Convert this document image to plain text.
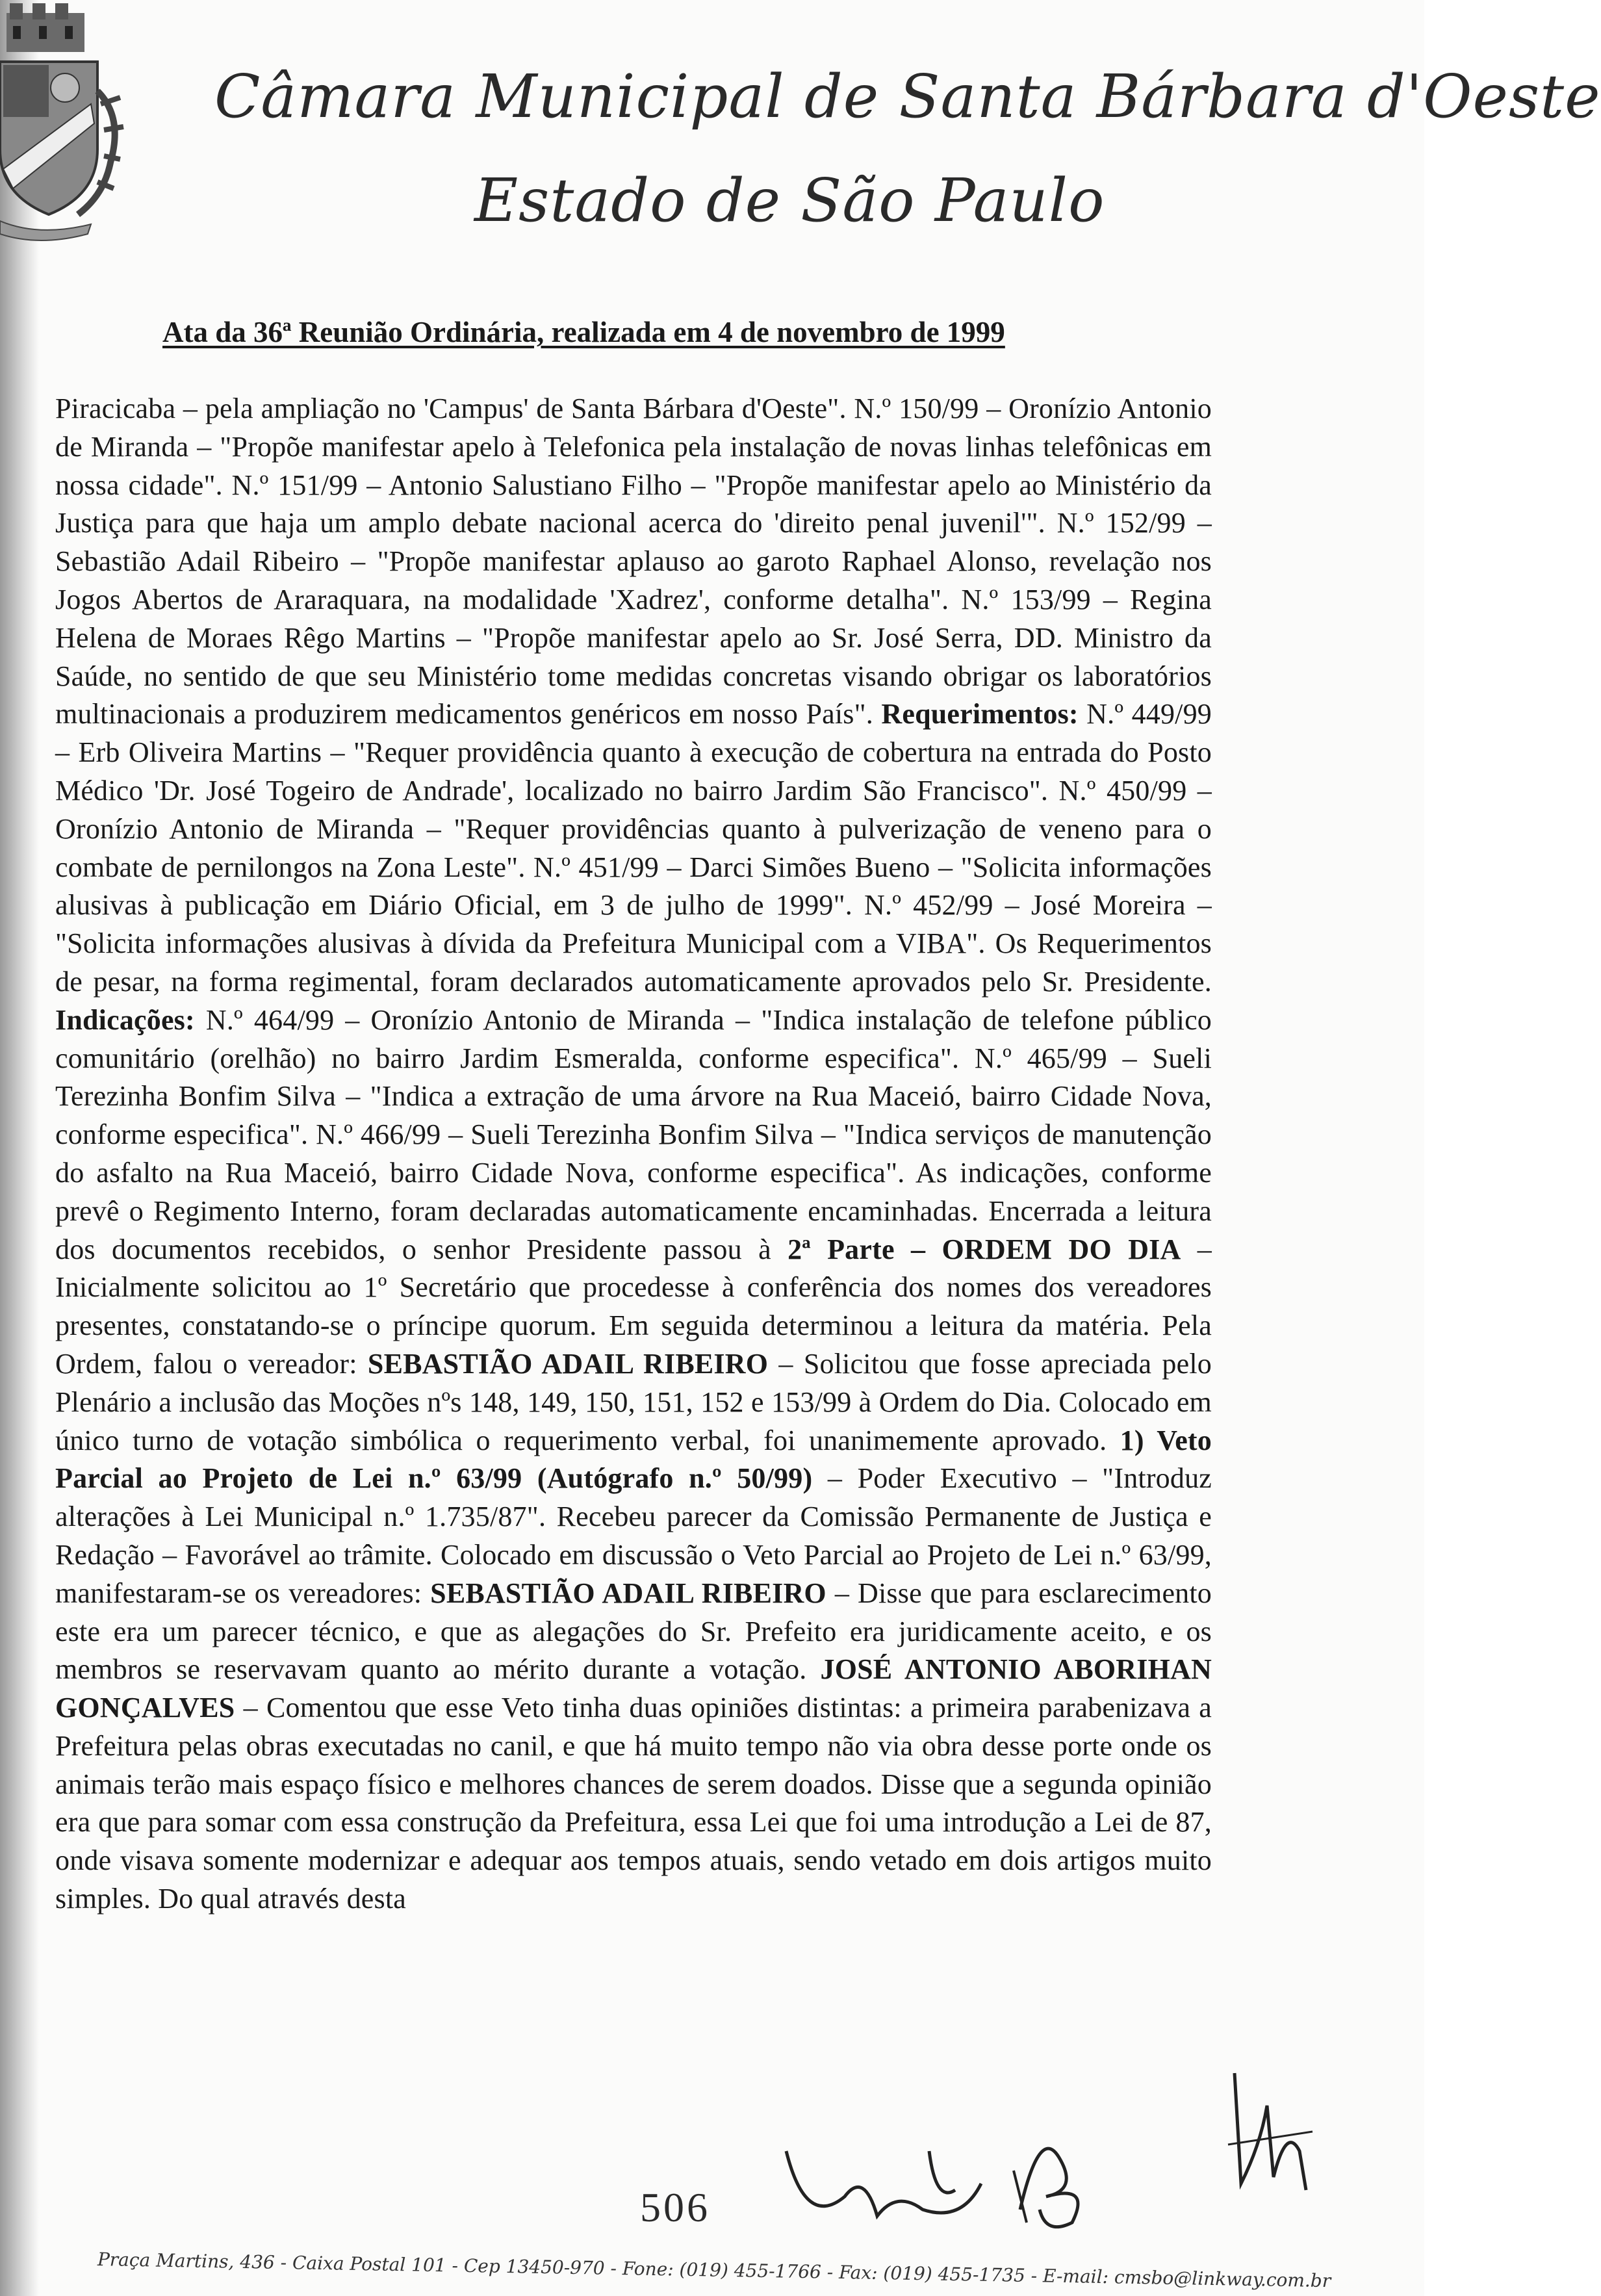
Câmara Municipal de Santa Bárbara d'Oeste
Estado de São Paulo
Ata da 36ª Reunião Ordinária, realizada em 4 de novembro de 1999
Piracicaba – pela ampliação no 'Campus' de Santa Bárbara d'Oeste". N.º 150/99 – Oronízio Antonio de Miranda – "Propõe manifestar apelo à Telefonica pela instalação de novas linhas telefônicas em nossa cidade". N.º 151/99 – Antonio Salustiano Filho – "Propõe manifestar apelo ao Ministério da Justiça para que haja um amplo debate nacional acerca do 'direito penal juvenil'". N.º 152/99 – Sebastião Adail Ribeiro – "Propõe manifestar aplauso ao garoto Raphael Alonso, revelação nos Jogos Abertos de Araraquara, na modalidade 'Xadrez', conforme detalha". N.º 153/99 – Regina Helena de Moraes Rêgo Martins – "Propõe manifestar apelo ao Sr. José Serra, DD. Ministro da Saúde, no sentido de que seu Ministério tome medidas concretas visando obrigar os laboratórios multinacionais a produzirem medicamentos genéricos em nosso País". Requerimentos: N.º 449/99 – Erb Oliveira Martins – "Requer providência quanto à execução de cobertura na entrada do Posto Médico 'Dr. José Togeiro de Andrade', localizado no bairro Jardim São Francisco". N.º 450/99 – Oronízio Antonio de Miranda – "Requer providências quanto à pulverização de veneno para o combate de pernilongos na Zona Leste". N.º 451/99 – Darci Simões Bueno – "Solicita informações alusivas à publicação em Diário Oficial, em 3 de julho de 1999". N.º 452/99 – José Moreira – "Solicita informações alusivas à dívida da Prefeitura Municipal com a VIBA". Os Requerimentos de pesar, na forma regimental, foram declarados automaticamente aprovados pelo Sr. Presidente. Indicações: N.º 464/99 – Oronízio Antonio de Miranda – "Indica instalação de telefone público comunitário (orelhão) no bairro Jardim Esmeralda, conforme especifica". N.º 465/99 – Sueli Terezinha Bonfim Silva – "Indica a extração de uma árvore na Rua Maceió, bairro Cidade Nova, conforme especifica". N.º 466/99 – Sueli Terezinha Bonfim Silva – "Indica serviços de manutenção do asfalto na Rua Maceió, bairro Cidade Nova, conforme especifica". As indicações, conforme prevê o Regimento Interno, foram declaradas automaticamente encaminhadas. Encerrada a leitura dos documentos recebidos, o senhor Presidente passou à 2ª Parte – ORDEM DO DIA – Inicialmente solicitou ao 1º Secretário que procedesse à conferência dos nomes dos vereadores presentes, constatando-se o príncipe quorum. Em seguida determinou a leitura da matéria. Pela Ordem, falou o vereador: SEBASTIÃO ADAIL RIBEIRO – Solicitou que fosse apreciada pelo Plenário a inclusão das Moções nºs 148, 149, 150, 151, 152 e 153/99 à Ordem do Dia. Colocado em único turno de votação simbólica o requerimento verbal, foi unanimemente aprovado. 1) Veto Parcial ao Projeto de Lei n.º 63/99 (Autógrafo n.º 50/99) – Poder Executivo – "Introduz alterações à Lei Municipal n.º 1.735/87". Recebeu parecer da Comissão Permanente de Justiça e Redação – Favorável ao trâmite. Colocado em discussão o Veto Parcial ao Projeto de Lei n.º 63/99, manifestaram-se os vereadores: SEBASTIÃO ADAIL RIBEIRO – Disse que para esclarecimento este era um parecer técnico, e que as alegações do Sr. Prefeito era juridicamente aceito, e os membros se reservavam quanto ao mérito durante a votação. JOSÉ ANTONIO ABORIHAN GONÇALVES – Comentou que esse Veto tinha duas opiniões distintas: a primeira parabenizava a Prefeitura pelas obras executadas no canil, e que há muito tempo não via obra desse porte onde os animais terão mais espaço físico e melhores chances de serem doados. Disse que a segunda opinião era que para somar com essa construção da Prefeitura, essa Lei que foi uma introdução a Lei de 87, onde visava somente modernizar e adequar aos tempos atuais, sendo vetado em dois artigos muito simples. Do qual através desta
506
Praça Martins, 436 - Caixa Postal 101 - Cep 13450-970 - Fone: (019) 455-1766 - Fax: (019) 455-1735 - E-mail: cmsbo@linkway.com.br
